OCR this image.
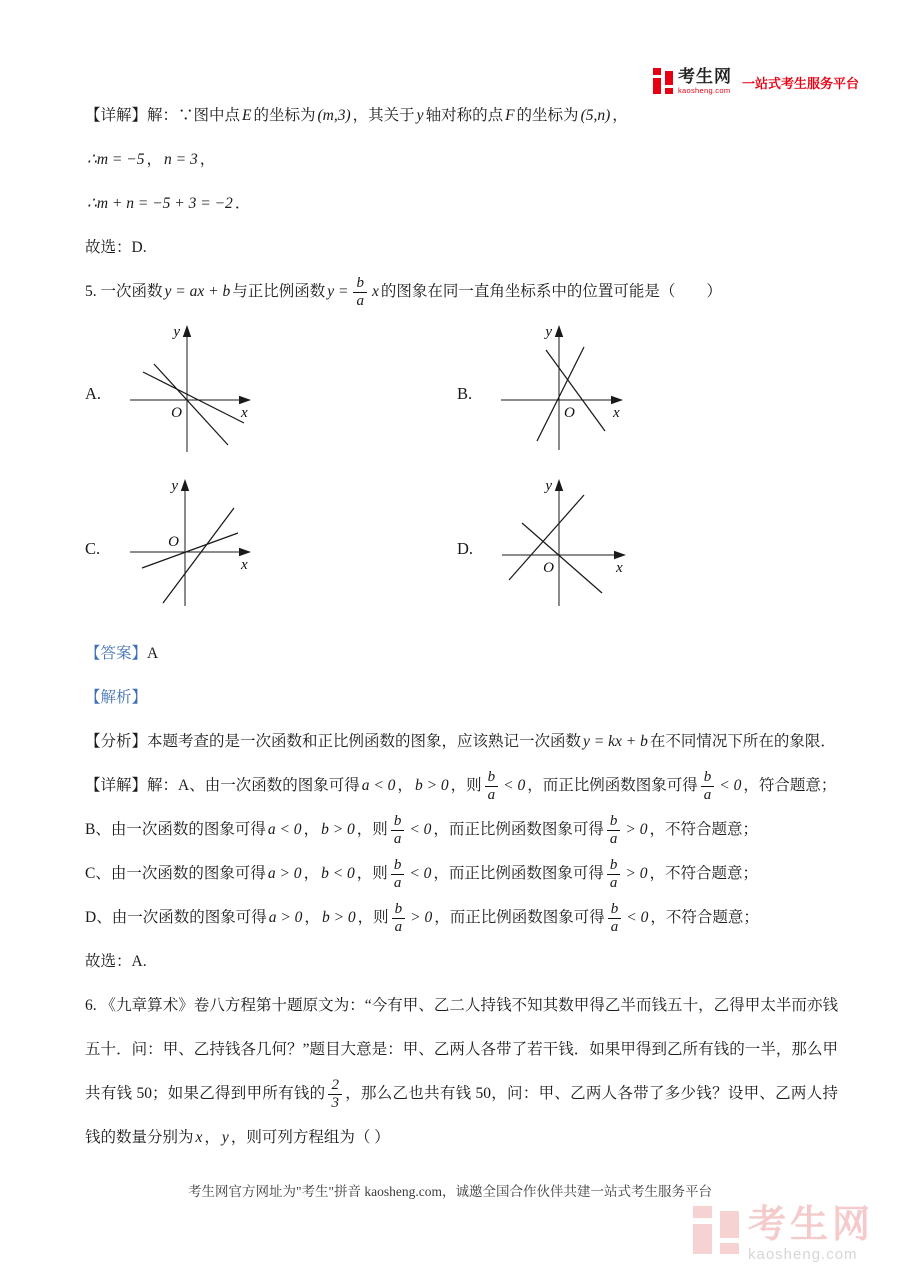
考生网
kaosheng.com 一站式考生服务平台

【详解】解：∵图中点 E 的坐标为 (m,3) ，其关于 y 轴对称的点 F 的坐标为 (5,n) ，

∴m = −5 ， n = 3 ，

∴m + n = −5 + 3 = −2 ．

故选：D.

5. 一次函数 y = ax + b 与正比例函数 $y = \frac{b}{a}$ x 的图象在同一直角坐标系中的位置可能是（　　）

A.
y
x
O
B.
y
x
O
C.
y
x
O	D.
y
x
O

【答案】A

【解析】

【分析】本题考查的是一次函数和正比例函数的图象，应该熟记一次函数 y = kx + b 在不同情况下所在的象限．

【详解】解：A、由一次函数的图象可得 a < 0 ， b > 0 ，则 $\frac{b}{a} < 0$ ，而正比例函数图象可得 $\frac{b}{a} < 0$ ，符合题意；

B、由一次函数的图象可得 a < 0 ， b > 0 ，则 $\frac{b}{a} < 0$ ，而正比例函数图象可得 $\frac{b}{a} > 0$ ，不符合题意；

C、由一次函数的图象可得 a > 0 ， b < 0 ，则 $\frac{b}{a} < 0$ ，而正比例函数图象可得 $\frac{b}{a} > 0$ ，不符合题意；

D、由一次函数的图象可得 a > 0 ， b > 0 ，则 $\frac{b}{a} > 0$ ，而正比例函数图象可得 $\frac{b}{a} < 0$ ，不符合题意；

故选：A.

6. 《九章算术》卷八方程第十题原文为：“今有甲、乙二人持钱不知其数甲得乙半而钱五十，乙得甲太半而亦钱五十．问：甲、乙持钱各几何？”题目大意是：甲、乙两人各带了若干钱．如果甲得到乙所有钱的一半，那么甲共有钱 50；如果乙得到甲所有钱的 $\frac{2}{3}$ ，那么乙也共有钱 50，问：甲、乙两人各带了多少钱？设甲、乙两人持钱的数量分别为 x ， y ，则可列方程组为（ ）

考生网官方网址为"考生"拼音 kaosheng.com，诚邀全国合作伙伴共建一站式考生服务平台
考生网
kaosheng.com
